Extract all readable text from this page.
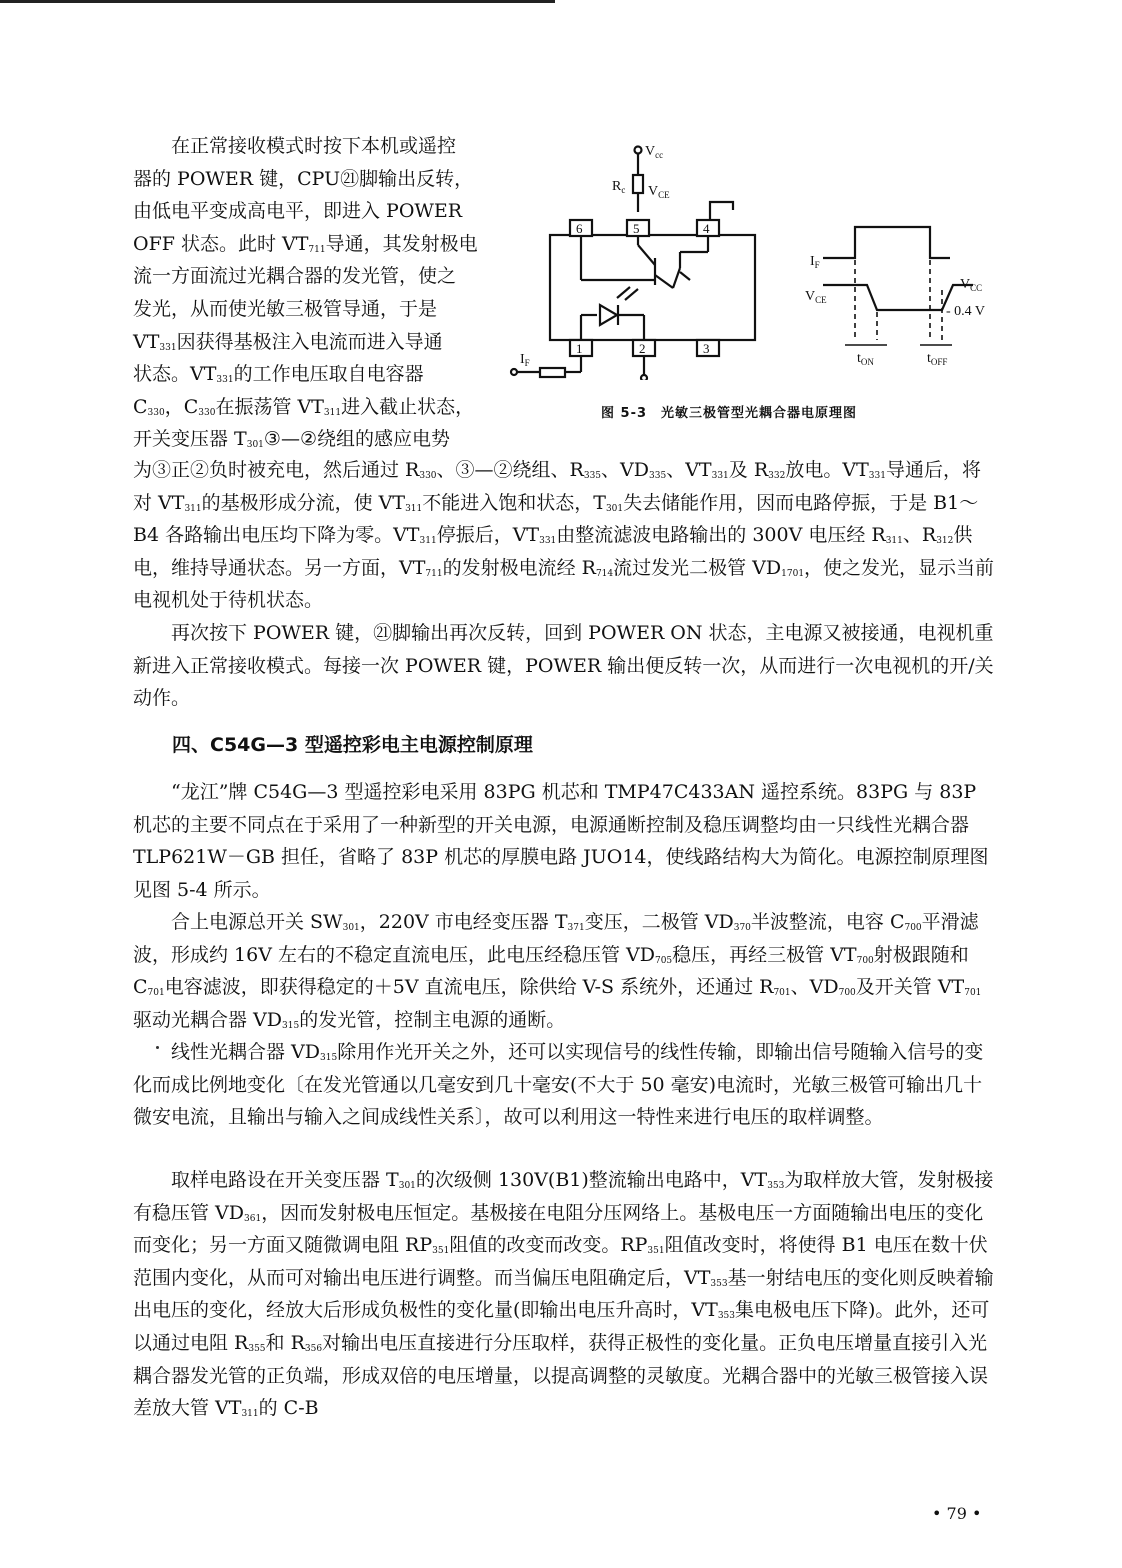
在正常接收模式时按下本机或遥控
器的 POWER 键，CPU㉑脚输出反转，
由低电平变成高电平，即进入 POWER
OFF 状态。此时 $VT_{711}$导通，其发射极电
流一方面流过光耦合器的发光管，使之
发光，从而使光敏三极管导通，于是
$VT_{331}$因获得基极注入电流而进入导通
状态。$VT_{331}$的工作电压取自电容器
$C_{330}$，$C_{330}$在振荡管 $VT_{311}$进入截止状态，
开关变压器 $T_{301}③—②$绕组的感应电势
$V_{cc}$
$R_c$ $V_{CE}$
6	5	4
1	2	3
$I_F$
$I_F$
$V_{CE}$
$V_{CC}$
- 0.4 V
$t_{ON}$	$t_{OFF}$
图 5-3　光敏三极管型光耦合器电原理图

为③正②负时被充电，然后通过 $R_{330}$、③—②绕组、$R_{335}$、$VD_{335}$、$VT_{331}$及 $R_{332}$放电。$VT_{331}$导通后，将对 $VT_{311}$的基极形成分流，使 $VT_{311}$不能进入饱和状态，$T_{301}$失去储能作用，因而电路停振，于是 B1～B4 各路输出电压均下降为零。$VT_{311}$停振后，$VT_{331}$由整流滤波电路输出的 300V 电压经 $R_{311}$、$R_{312}$供电，维持导通状态。另一方面，$VT_{711}$的发射极电流经 $R_{714}$流过发光二极管 $VD_{1701}$，使之发光，显示当前电视机处于待机状态。

再次按下 POWER 键，㉑脚输出再次反转，回到 POWER ON 状态，主电源又被接通，电视机重新进入正常接收模式。每接一次 POWER 键，POWER 输出便反转一次，从而进行一次电视机的开/关动作。

四、C54G—3 型遥控彩电主电源控制原理

“龙江”牌 C54G—3 型遥控彩电采用 83PG 机芯和 TMP47C433AN 遥控系统。83PG 与 83P 机芯的主要不同点在于采用了一种新型的开关电源，电源通断控制及稳压调整均由一只线性光耦合器 TLP621W－GB 担任，省略了 83P 机芯的厚膜电路 JUO14，使线路结构大为简化。电源控制原理图见图 5-4 所示。

合上电源总开关 $SW_{301}$，220V 市电经变压器 $T_{371}$变压，二极管 $VD_{370}$半波整流，电容 $C_{700}$平滑滤波，形成约 16V 左右的不稳定直流电压，此电压经稳压管 $VD_{705}$稳压，再经三极管 $VT_{700}$射极跟随和 $C_{701}$电容滤波，即获得稳定的＋5V 直流电压，除供给 V-S 系统外，还通过 $R_{701}$、$VD_{700}$及开关管 $VT_{701}$驱动光耦合器 $VD_{315}$的发光管，控制主电源的通断。

线性光耦合器 $VD_{315}$除用作光开关之外，还可以实现信号的线性传输，即输出信号随输入信号的变化而成比例地变化〔在发光管通以几毫安到几十毫安(不大于 50 毫安)电流时，光敏三极管可输出几十微安电流，且输出与输入之间成线性关系〕，故可以利用这一特性来进行电压的取样调整。

取样电路设在开关变压器 $T_{301}$的次级侧 130V(B1)整流输出电路中，$VT_{353}$为取样放大管，发射极接有稳压管 $VD_{361}$，因而发射极电压恒定。基极接在电阻分压网络上。基极电压一方面随输出电压的变化而变化；另一方面又随微调电阻 $RP_{351}$阻值的改变而改变。$RP_{351}$阻值改变时，将使得 B1 电压在数十伏范围内变化，从而可对输出电压进行调整。而当偏压电阻确定后，$VT_{353}$基一射结电压的变化则反映着输出电压的变化，经放大后形成负极性的变化量(即输出电压升高时，$VT_{353}$集电极电压下降)。此外，还可以通过电阻 $R_{355}$和 $R_{356}$对输出电压直接进行分压取样，获得正极性的变化量。正负电压增量直接引入光耦合器发光管的正负端，形成双倍的电压增量，以提高调整的灵敏度。光耦合器中的光敏三极管接入误差放大管 $VT_{311}$的 C-B

• 79 •
